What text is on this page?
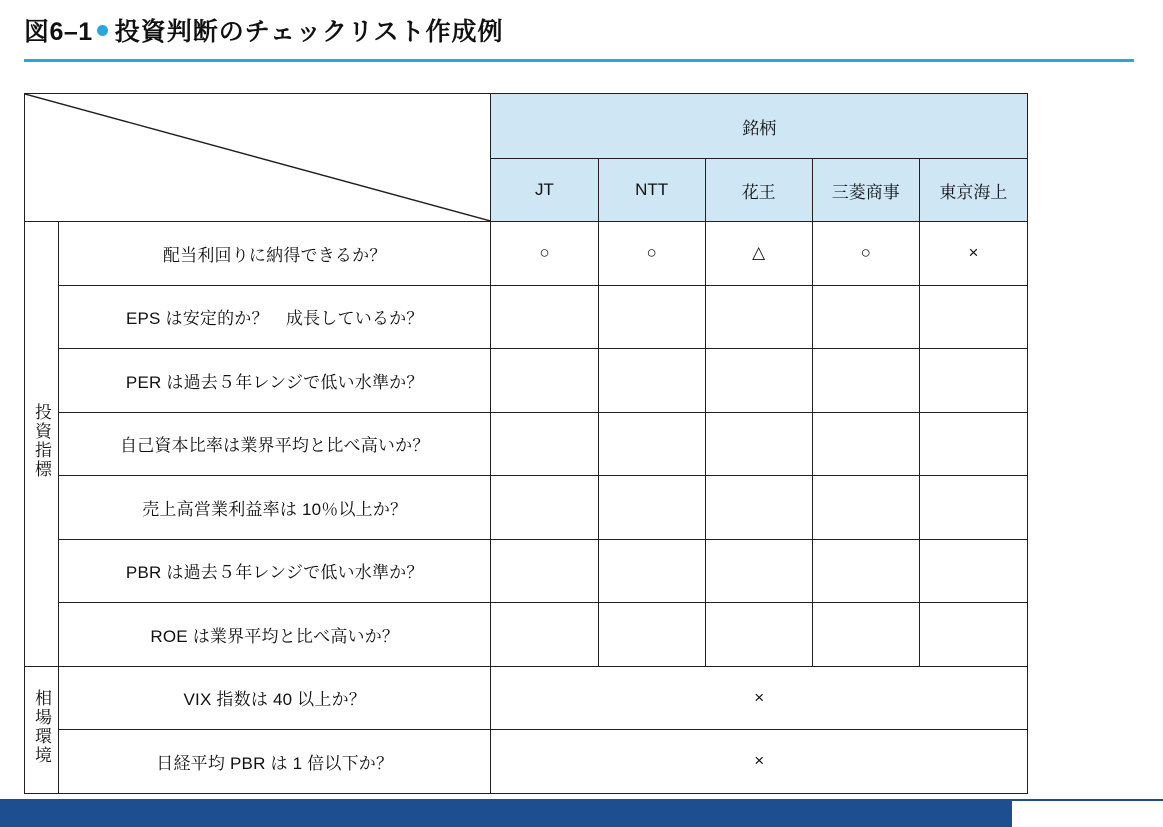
図6–1 投資判断のチェックリスト作成例
	銘柄				
		JT	NTT	花王	三菱商事	東京海上
投資指標	配当利回りに納得できるか？	○	○	△	○	×
	EPS は安定的か？　成長しているか？					
	PER は過去５年レンジで低い水準か？					
	自己資本比率は業界平均と比べ高いか？					
	売上高営業利益率は 10％以上か？					
	PBR は過去５年レンジで低い水準か？					
	ROE は業界平均と比べ高いか？					
相場環境	VIX 指数は 40 以上か？	×				
	日経平均 PBR は 1 倍以下か？	×				
